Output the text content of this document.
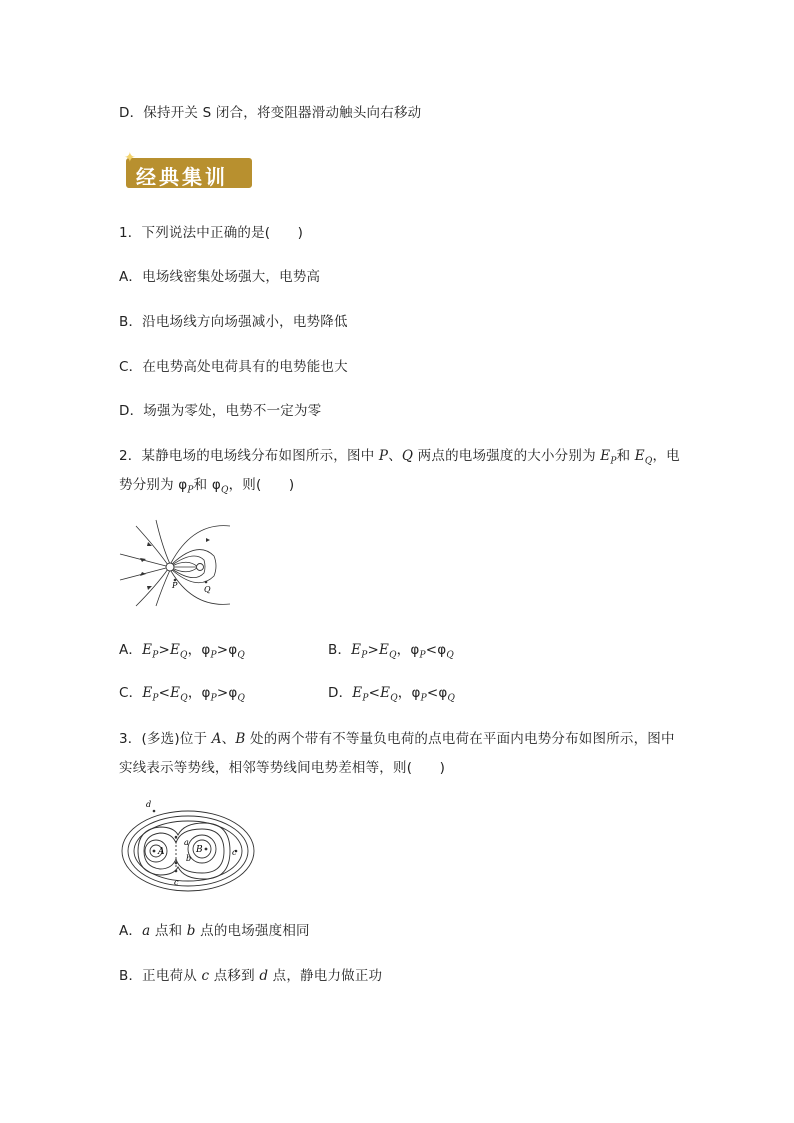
D．保持开关 S 闭合，将变阻器滑动触头向右移动
✦
经典集训
1．下列说法中正确的是(　　)
A．电场线密集处场强大，电势高
B．沿电场线方向场强减小，电势降低
C．在电势高处电荷具有的电势能也大
D．场强为零处，电势不一定为零
2．某静电场的电场线分布如图所示，图中 P、Q 两点的电场强度的大小分别为 $E_P$和 $E_Q$，电
势分别为 $\varphi_P$和 $\varphi_Q$，则(　　)
P	Q
A．$E_P>E_Q$，$\varphi_P>\varphi_Q$	B．$E_P>E_Q$，$\varphi_P<\varphi_Q$
C．$E_P<E_Q$，$\varphi_P>\varphi_Q$	D．$E_P<E_Q$，$\varphi_P<\varphi_Q$
3．(多选)位于 A、B 处的两个带有不等量负电荷的点电荷在平面内电势分布如图所示，图中
实线表示等势线，相邻等势线间电势差相等，则(　　)
d
A	B
a
b
c
c
A．a 点和 b 点的电场强度相同
B．正电荷从 c 点移到 d 点，静电力做正功
